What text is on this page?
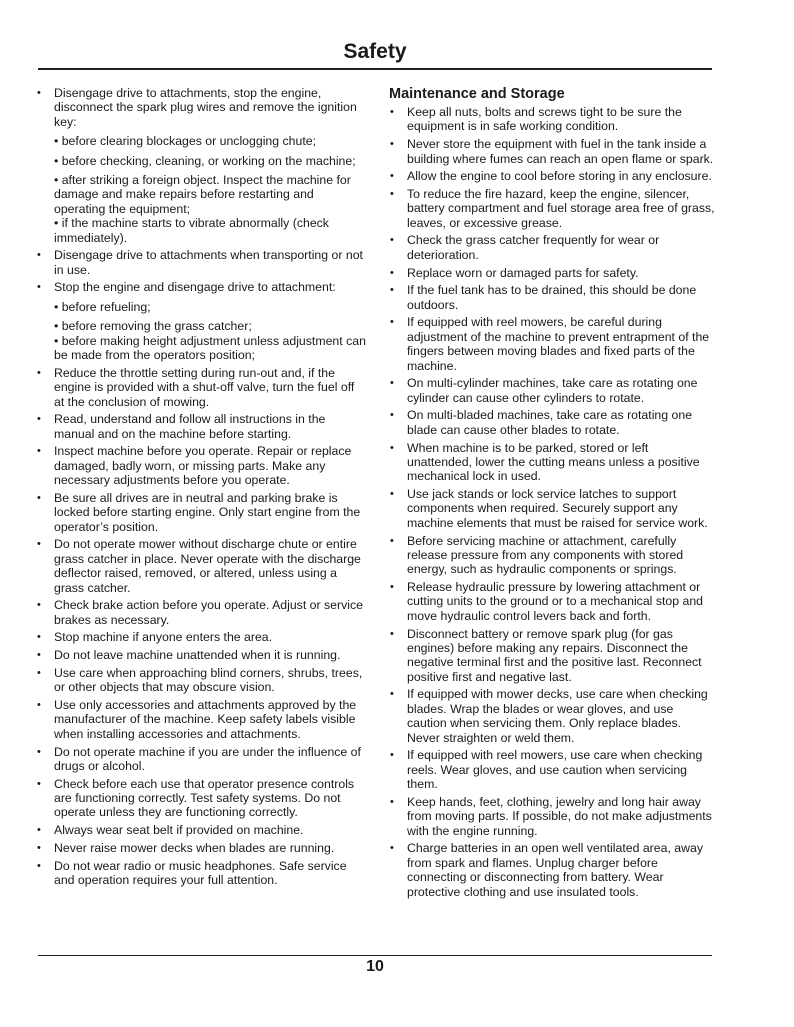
Safety
• Disengage drive to attachments, stop the engine, disconnect the spark plug wires and remove the ignition key:
• before clearing blockages or unclogging chute;
• before checking, cleaning, or working on the machine;
• after striking a foreign object. Inspect the machine for damage and make repairs before restarting and operating the equipment;
• if the machine starts to vibrate abnormally (check immediately).
• Disengage drive to attachments when transporting or not in use.
• Stop the engine and disengage drive to attachment:
• before refueling;
• before removing the grass catcher;
• before making height adjustment unless adjustment can be made from the operators position;
• Reduce the throttle setting during run-out and, if the engine is provided with a shut-off valve, turn the fuel off at the conclusion of mowing.
• Read, understand and follow all instructions in the manual and on the machine before starting.
• Inspect machine before you operate. Repair or replace damaged, badly worn, or missing parts. Make any necessary adjustments before you operate.
• Be sure all drives are in neutral and parking brake is locked before starting engine. Only start engine from the operator’s position.
• Do not operate mower without discharge chute or entire grass catcher in place. Never operate with the discharge deflector raised, removed, or altered, unless using a grass catcher.
• Check brake action before you operate. Adjust or service brakes as necessary.
• Stop machine if anyone enters the area.
• Do not leave machine unattended when it is running.
• Use care when approaching blind corners, shrubs, trees, or other objects that may obscure vision.
• Use only accessories and attachments approved by the manufacturer of the machine. Keep safety labels visible when installing accessories and attachments.
• Do not operate machine if you are under the influence of drugs or alcohol.
• Check before each use that operator presence controls are functioning correctly. Test safety systems. Do not operate unless they are functioning correctly.
• Always wear seat belt if provided on machine.
• Never raise mower decks when blades are running.
• Do not wear radio or music headphones. Safe service and operation requires your full attention.
Maintenance and Storage
• Keep all nuts, bolts and screws tight to be sure the equipment is in safe working condition.
• Never store the equipment with fuel in the tank inside a building where fumes can reach an open flame or spark.
• Allow the engine to cool before storing in any enclosure.
• To reduce the fire hazard, keep the engine, silencer, battery compartment and fuel storage area free of grass, leaves, or excessive grease.
• Check the grass catcher frequently for wear or deterioration.
• Replace worn or damaged parts for safety.
• If the fuel tank has to be drained, this should be done outdoors.
• If equipped with reel mowers, be careful during adjustment of the machine to prevent entrapment of the fingers between moving blades and fixed parts of the machine.
• On multi-cylinder machines, take care as rotating one cylinder can cause other cylinders to rotate.
• On multi-bladed machines, take care as rotating one blade can cause other blades to rotate.
• When machine is to be parked, stored or left unattended, lower the cutting means unless a positive mechanical lock in used.
• Use jack stands or lock service latches to support components when required. Securely support any machine elements that must be raised for service work.
• Before servicing machine or attachment, carefully release pressure from any components with stored energy, such as hydraulic components or springs.
• Release hydraulic pressure by lowering attachment or cutting units to the ground or to a mechanical stop and move hydraulic control levers back and forth.
• Disconnect battery or remove spark plug (for gas engines) before making any repairs. Disconnect the negative terminal first and the positive last. Reconnect positive first and negative last.
• If equipped with mower decks, use care when checking blades. Wrap the blades or wear gloves, and use caution when servicing them. Only replace blades. Never straighten or weld them.
• If equipped with reel mowers, use care when checking reels. Wear gloves, and use caution when servicing them.
• Keep hands, feet, clothing, jewelry and long hair away from moving parts. If possible, do not make adjustments with the engine running.
• Charge batteries in an open well ventilated area, away from spark and flames. Unplug charger before connecting or disconnecting from battery. Wear protective clothing and use insulated tools.
10
